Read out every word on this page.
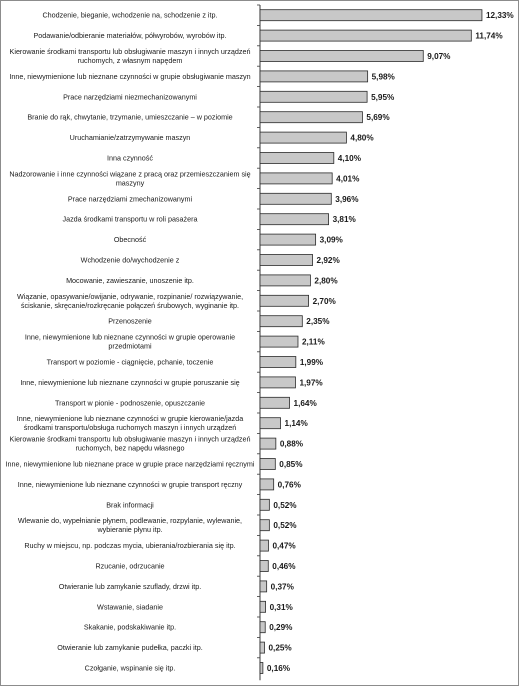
Chodzenie, bieganie, wchodzenie na, schodzenie z itp.
Podawanie/odbieranie materiałów, półwyrobów, wyrobów itp.
Kierowanie środkami transportu lub obsługiwanie maszyn i innych urządzeń ruchomych, z własnym napędem
Inne, niewymienione lub nieznane czynności w grupie obsługiwanie maszyn
Prace narzędziami niezmechanizowanymi
Branie do rąk, chwytanie, trzymanie, umieszczanie – w poziomie
Uruchamianie/zatrzymywanie maszyn
Inna czynność
Nadzorowanie i inne czynności wiązane z pracą oraz przemieszczaniem się maszyny
Prace narzędziami zmechanizowanymi
Jazda środkami transportu w roli pasażera
Obecność
Wchodzenie do/wychodzenie z
Mocowanie, zawieszanie, unoszenie itp.
Wiązanie, opasywanie/owijanie, odrywanie, rozpinanie/ rozwiązywanie, ściskanie, skręcanie/rozkręcanie połączeń śrubowych, wyginanie itp.
Przenoszenie
Inne, niewymienione lub nieznane czynności w grupie operowanie przedmiotami
Transport w poziomie - ciągnięcie, pchanie, toczenie
Inne, niewymienione lub nieznane czynności w grupie poruszanie się
Transport w pionie - podnoszenie, opuszczanie
Inne, niewymienione lub nieznane czynności w grupie kierowanie/jazda środkami transportu/obsługa ruchomych maszyn i innych urządzeń
Kierowanie środkami transportu lub obsługiwanie maszyn i innych urządzeń ruchomych, bez napędu własnego
Inne, niewymienione lub nieznane prace w grupie prace narzędziami ręcznymi
Inne, niewymienione lub nieznane czynności w grupie transport ręczny
Brak informacji
Wlewanie do, wypełnianie płynem, podlewanie, rozpylanie, wylewanie, wybieranie płynu itp.
Ruchy w miejscu, np. podczas mycia, ubierania/rozbierania się itp.
Rzucanie, odrzucanie
Otwieranie lub zamykanie szuflady, drzwi itp.
Wstawanie, siadanie
Skakanie, podskakiwanie itp.
Otwieranie lub zamykanie pudełka, paczki itp.
Czołganie, wspinanie się itp.
12,33%
11,74%
9,07%
5,98%
5,95%
5,69%
4,80%
4,10%
4,01%
3,96%
3,81%
3,09%
2,92%
2,80%
2,70%
2,35%
2,11%
1,99%
1,97%
1,64%
1,14%
0,88%
0,85%
0,76%
0,52%
0,52%
0,47%
0,46%
0,37%
0,31%
0,29%
0,25%
0,16%
